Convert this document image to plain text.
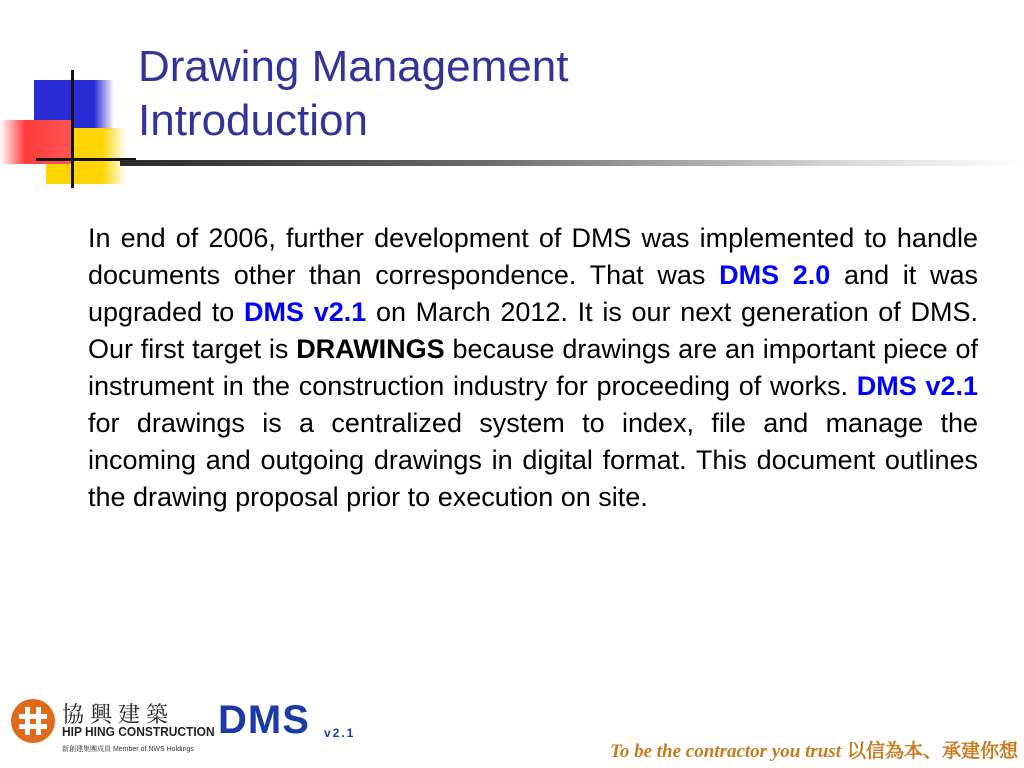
Drawing Management
Introduction

In end of 2006, further development of DMS was implemented to handle documents other than correspondence. That was DMS 2.0 and it was upgraded to DMS v2.1 on March 2012. It is our next generation of DMS. Our first target is DRAWINGS because drawings are an important piece of instrument in the construction industry for proceeding of works. DMS v2.1 for drawings is a centralized system to index, file and manage the incoming and outgoing drawings in digital format. This document outlines the drawing proposal prior to execution on site.

協興建築
HIP HING CONSTRUCTION
新創建集團成員 Member of NWS Holdings
DMS v2.1
To be the contractor you trust 以信為本、承建你想
